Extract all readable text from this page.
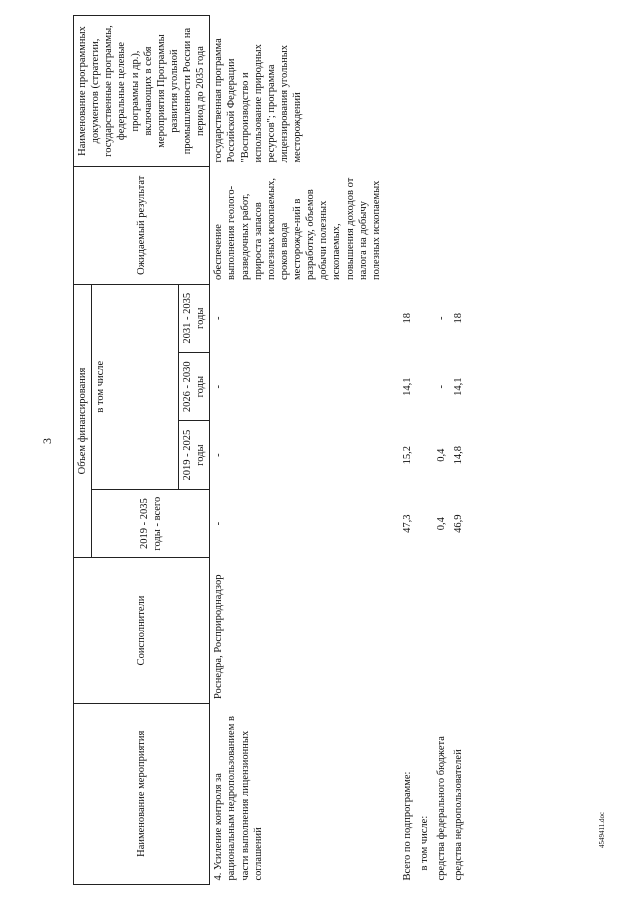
3
Наименование мероприятия	Соисполнители	Объем финансирования				Ожидаемый результат	Наименование программных документов (стратегии, государственные программы, федеральные целевые программы и др.), включающих в себя мероприятия Программы развития угольной промышленности России на период до 2035 года
		2019 - 2035 годы - всего	в том числе				
			2019 - 2025 годы	2026 - 2030 годы	2031 - 2035 годы		
4. Усиление контроля за рациональным недропользованием в части выполнения лицензионных соглашений	Роснедра, Росприроднадзор	-	-	-	-	обеспечение выполнения геолого-разведочных работ, прироста запасов полезных ископаемых, сроков ввода месторожде-ний в разработку, объемов добычи полезных ископаемых, повышения доходов от налога на добычу полезных ископаемых	государственная программа Российской Федерации "Воспроизводство и использование природных ресурсов"; программа лицензирования угольных месторождений

Всего по подпрограмме:		47,3	15,2	14,1	18		
в том числе:							
средства федерального бюджета		0,4	0,4	-	-		
средства недропользователей		46,9	14,8	14,1	18		
4549411.doc
